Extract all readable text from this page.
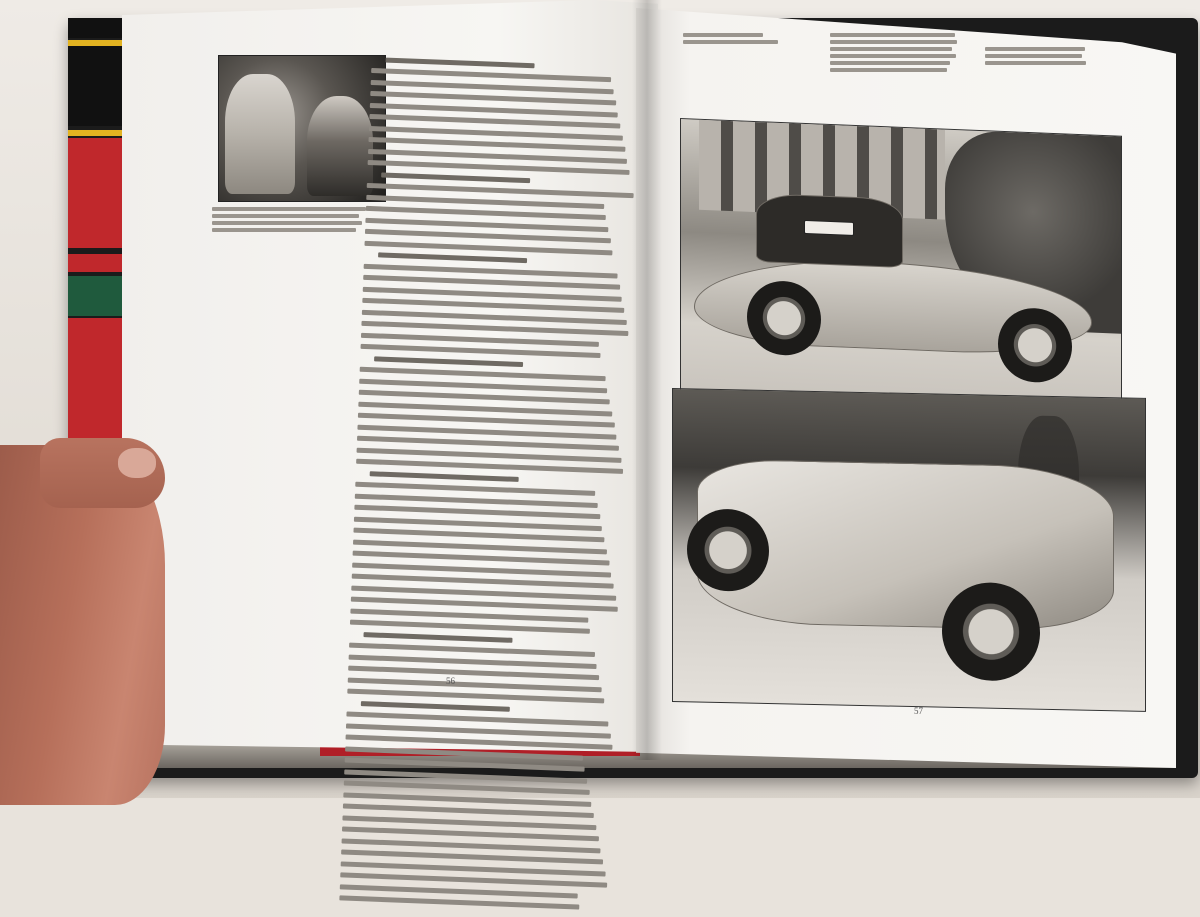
56
57
